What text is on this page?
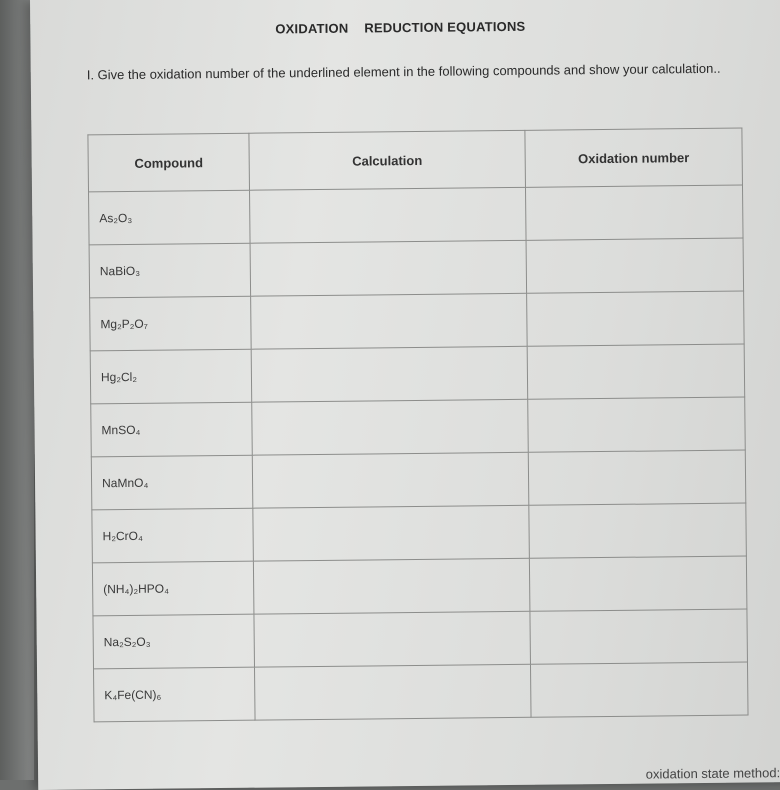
OXIDATION REDUCTION EQUATIONS
I. Give the oxidation number of the underlined element in the following compounds and show your calculation..
Compound	Calculation	Oxidation number
As₂O₃		
NaBiO₃		
Mg₂P₂O₇		
Hg₂Cl₂		
MnSO₄		
NaMnO₄		
H₂CrO₄		
(NH₄)₂HPO₄		
Na₂S₂O₃		
K₄Fe(CN)₆		
oxidation state method:
